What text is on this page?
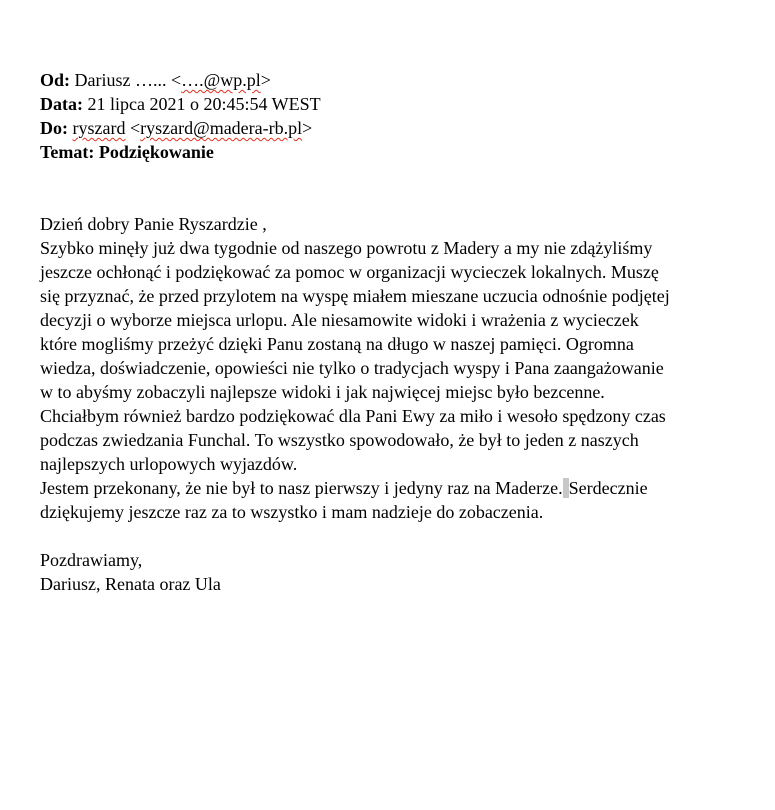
Od: Dariusz …... <….@wp.pl>
Data: 21 lipca 2021 o 20:45:54 WEST
Do: ryszard <ryszard@madera-rb.pl>
Temat: Podziękowanie
Dzień dobry Panie Ryszardzie ,
Szybko minęły już dwa tygodnie od naszego powrotu z Madery a my nie zdążyliśmy
jeszcze ochłonąć i podziękować za pomoc w organizacji wycieczek lokalnych. Muszę
się przyznać, że przed przylotem na wyspę miałem mieszane uczucia odnośnie podjętej
decyzji o wyborze miejsca urlopu. Ale niesamowite widoki i wrażenia z wycieczek
które mogliśmy przeżyć dzięki Panu zostaną na długo w naszej pamięci. Ogromna
wiedza, doświadczenie, opowieści nie tylko o tradycjach wyspy i Pana zaangażowanie
w to abyśmy zobaczyli najlepsze widoki i jak najwięcej miejsc było bezcenne.
Chciałbym również bardzo podziękować dla Pani Ewy za miło i wesoło spędzony czas
podczas zwiedzania Funchal. To wszystko spowodowało, że był to jeden z naszych
najlepszych urlopowych wyjazdów.
Jestem przekonany, że nie był to nasz pierwszy i jedyny raz na Maderze. Serdecznie
dziękujemy jeszcze raz za to wszystko i mam nadzieje do zobaczenia.
Pozdrawiamy,
Dariusz, Renata oraz Ula
